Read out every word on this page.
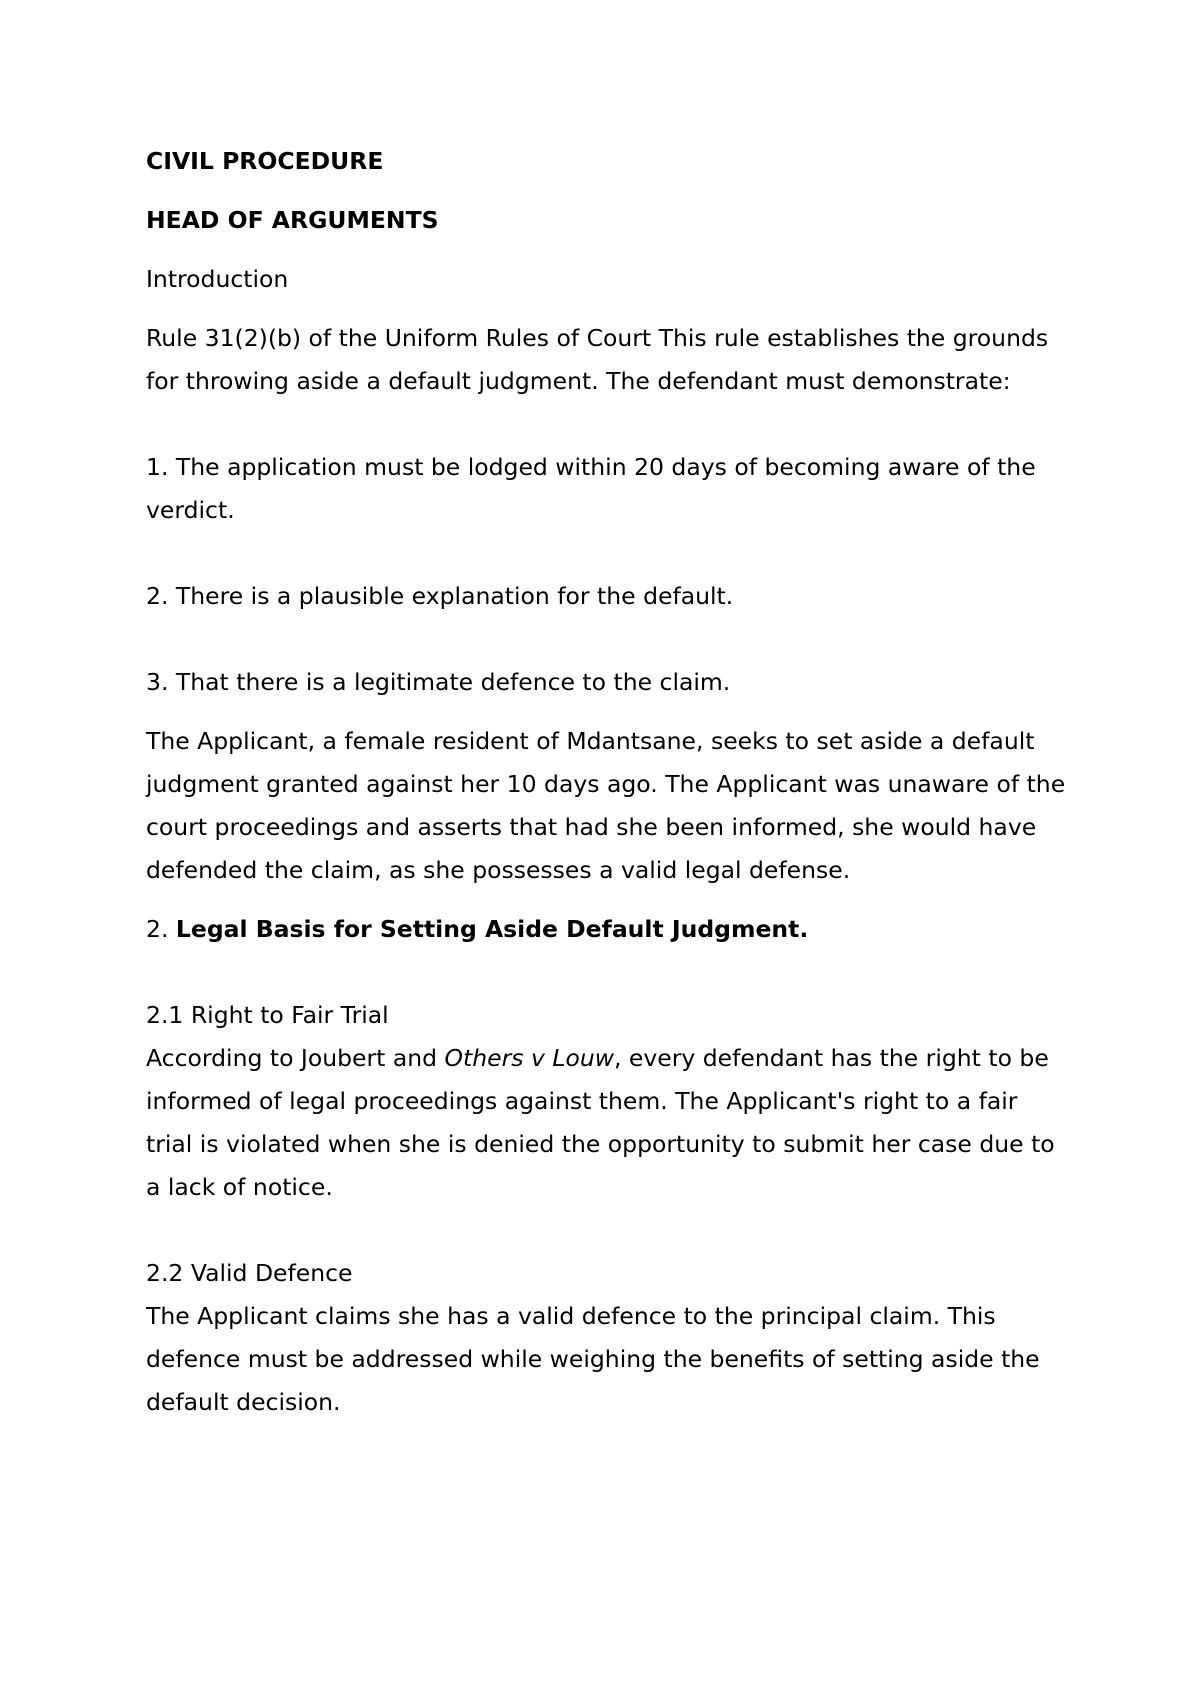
CIVIL PROCEDURE

HEAD OF ARGUMENTS

Introduction

Rule 31(2)(b) of the Uniform Rules of Court This rule establishes the grounds for throwing aside a default judgment. The defendant must demonstrate:

1. The application must be lodged within 20 days of becoming aware of the verdict.

2. There is a plausible explanation for the default.

3. That there is a legitimate defence to the claim.

The Applicant, a female resident of Mdantsane, seeks to set aside a default judgment granted against her 10 days ago. The Applicant was unaware of the court proceedings and asserts that had she been informed, she would have defended the claim, as she possesses a valid legal defense.

2. Legal Basis for Setting Aside Default Judgment.

2.1 Right to Fair Trial

According to Joubert and Others v Louw, every defendant has the right to be informed of legal proceedings against them. The Applicant's right to a fair trial is violated when she is denied the opportunity to submit her case due to a lack of notice.

2.2 Valid Defence

The Applicant claims she has a valid defence to the principal claim. This defence must be addressed while weighing the benefits of setting aside the default decision.
